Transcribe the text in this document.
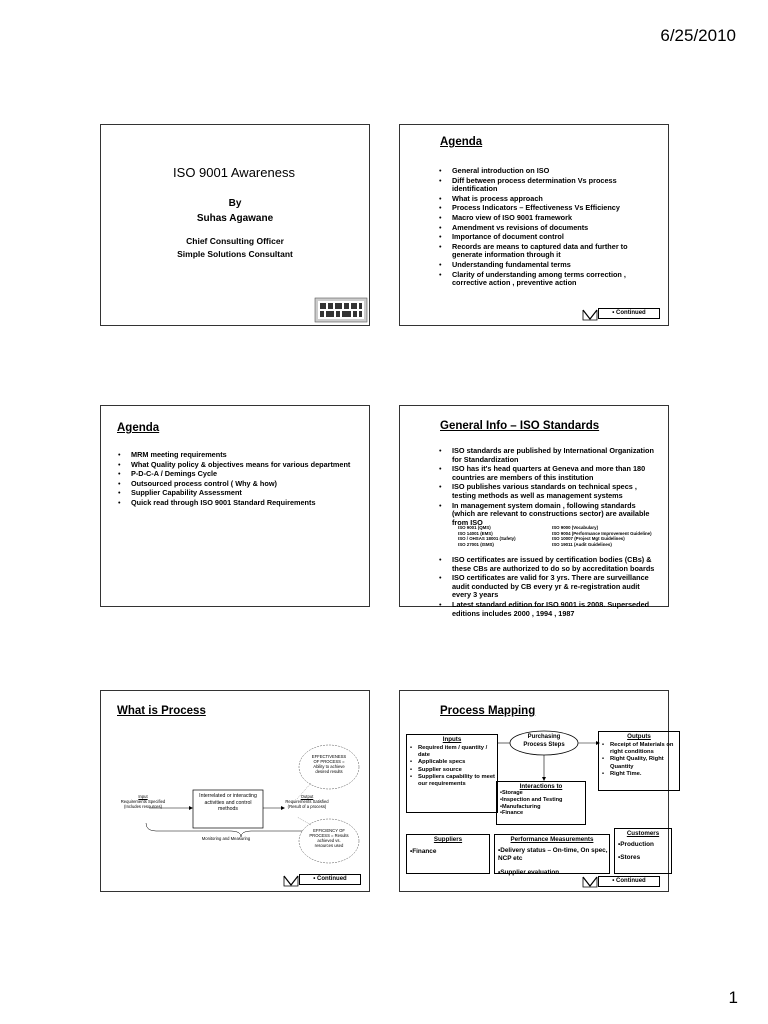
6/25/2010
ISO 9001 Awareness
By
Suhas Agawane
Chief Consulting Officer
Simple Solutions Consultant
Agenda
• General introduction on ISO
• Diff between process determination Vs process identification
• What is process approach
• Process Indicators – Effectiveness Vs Efficiency
• Macro view of ISO 9001 framework
• Amendment vs revisions of documents
• Importance of document control
• Records are means to captured data and further to generate information through it
• Understanding fundamental terms
• Clarity of understanding among terms correction , corrective action , preventive action
• Continued
Agenda
• MRM meeting requirements
• What Quality policy & objectives means for various department
• P-D-C-A / Demings Cycle
• Outsourced process control ( Why & how)
• Supplier Capability Assessment
• Quick read through ISO 9001 Standard Requirements
General Info – ISO Standards
• ISO standards are published by International Organization for Standardization
• ISO has it's head quarters at Geneva and more than 180 countries are members of this institution
• ISO publishes various standards on technical specs , testing methods as well as management systems
• In management system domain , following standards (which are relevant to constructions sector) are available from ISO
ISO 9001 (QMS)
ISO 14001 (EMS)
ISO / OHSAS 18001 (Safety)
ISO 27001 (ISMS)
ISO 9000 (Vocabulary)
ISO 9004 (Performance Improvement Guideline)
ISO 10007 (Project Mgt Guidelines)
ISO 19011 (Audit Guidelines)
• ISO certificates are issued by certification bodies (CBs) & these CBs are authorized to do so by accreditation boards
• ISO certificates are valid for 3 yrs. There are surveillance audit conducted by CB every yr & re-registration audit every 3 years
• Latest standard edition for ISO 9001 is 2008. Superseded editions includes 2000 , 1994 , 1987
What is Process
Input
Requirements Specified
(Includes resources)
Interrelated or interacting activities and control methods
Output
Requirements Satisfied
(Result of a process)
Monitoring and Measuring
EFFECTIVENESS OF PROCESS = Ability to achieve desired results
EFFICIENCY OF PROCESS = Results achieved vs. resources used
• Continued
Process Mapping
Inputs
• Required item / quantity / date
• Applicable specs
• Supplier source
• Suppliers capability to meet our requirements
Purchasing Process Steps
Outputs
• Receipt of Materials on right conditions
• Right Quality, Right Quantity
• Right Time.
Interactions to
•Storage
•Inspection and Testing
•Manufacturing
•Finance
Suppliers
•Finance
Performance Measurements
•Delivery status – On-time, On spec, NCP etc
•Supplier evaluation
Customers
•Production
•Stores
• Continued
1
